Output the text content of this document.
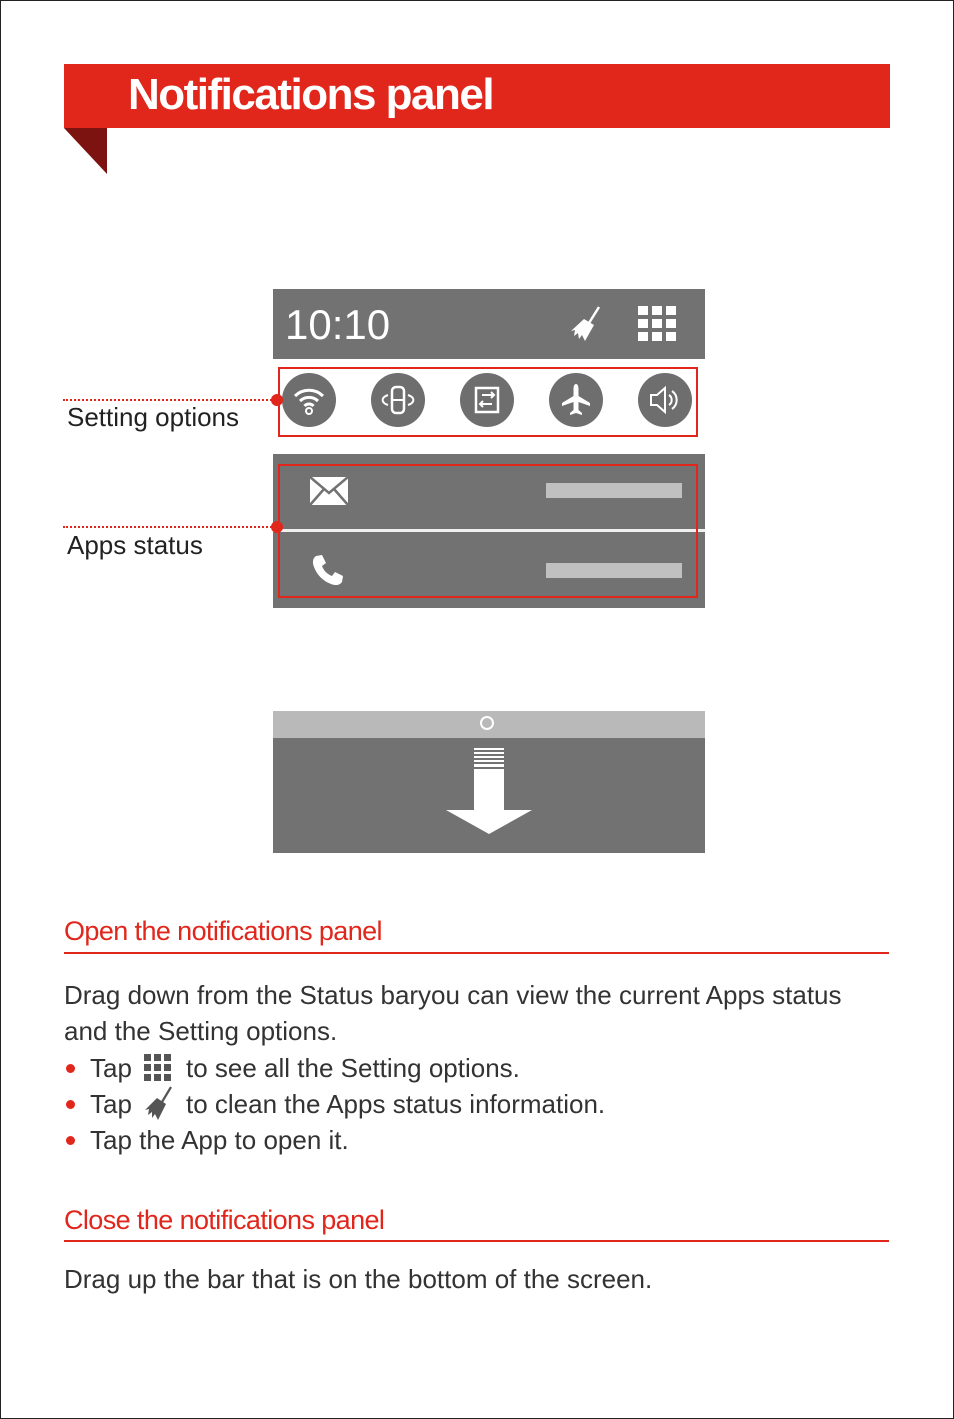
Notifications panel
10:10
Setting options
Apps status
Open the notifications panel
Drag down from the Status baryou can view the current Apps status
and the Setting options.
Tap to see all the Setting options.
Tap to clean the Apps status information.
Tap the App to open it.
Close the notifications panel
Drag up the bar that is on the bottom of the screen.
